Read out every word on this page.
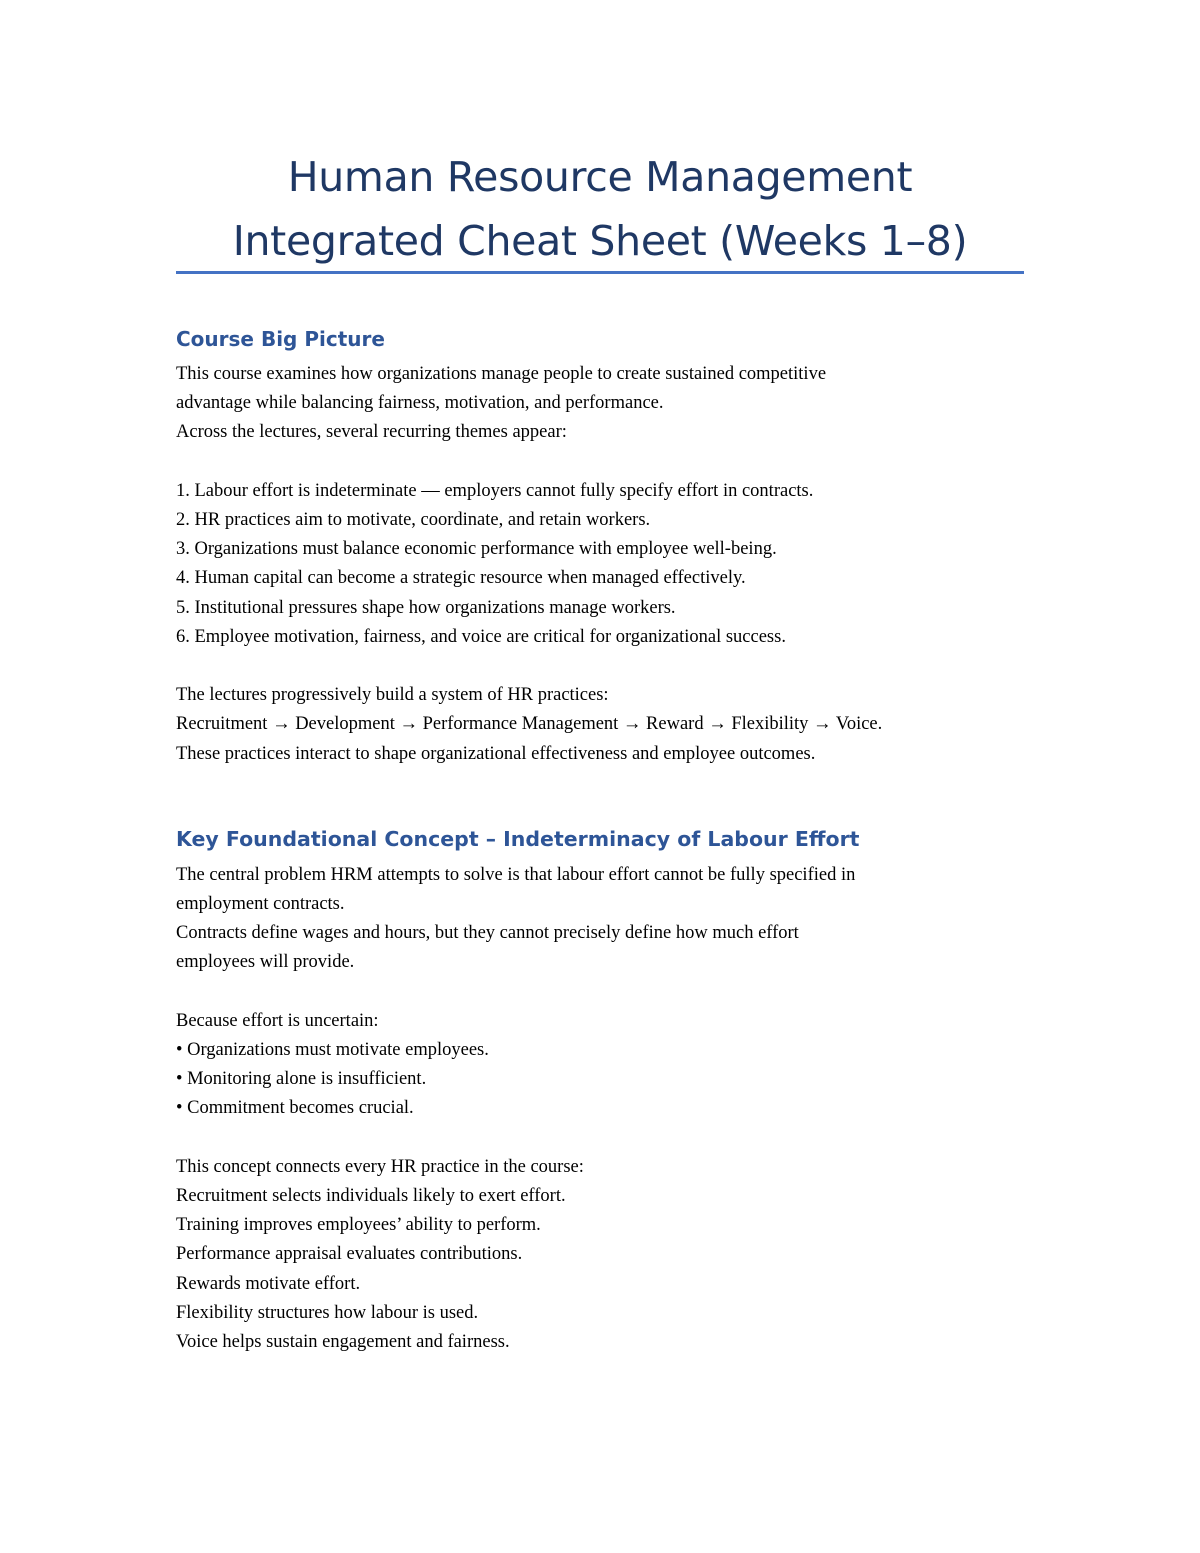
Human Resource Management
Integrated Cheat Sheet (Weeks 1–8)
Course Big Picture

This course examines how organizations manage people to create sustained competitive

advantage while balancing fairness, motivation, and performance.

Across the lectures, several recurring themes appear:

1. Labour effort is indeterminate — employers cannot fully specify effort in contracts.

2. HR practices aim to motivate, coordinate, and retain workers.

3. Organizations must balance economic performance with employee well-being.

4. Human capital can become a strategic resource when managed effectively.

5. Institutional pressures shape how organizations manage workers.

6. Employee motivation, fairness, and voice are critical for organizational success.

The lectures progressively build a system of HR practices:

Recruitment → Development → Performance Management → Reward → Flexibility → Voice.

These practices interact to shape organizational effectiveness and employee outcomes.

Key Foundational Concept – Indeterminacy of Labour Effort

The central problem HRM attempts to solve is that labour effort cannot be fully specified in

employment contracts.

Contracts define wages and hours, but they cannot precisely define how much effort

employees will provide.

Because effort is uncertain:

• Organizations must motivate employees.

• Monitoring alone is insufficient.

• Commitment becomes crucial.

This concept connects every HR practice in the course:

Recruitment selects individuals likely to exert effort.

Training improves employees’ ability to perform.

Performance appraisal evaluates contributions.

Rewards motivate effort.

Flexibility structures how labour is used.

Voice helps sustain engagement and fairness.
